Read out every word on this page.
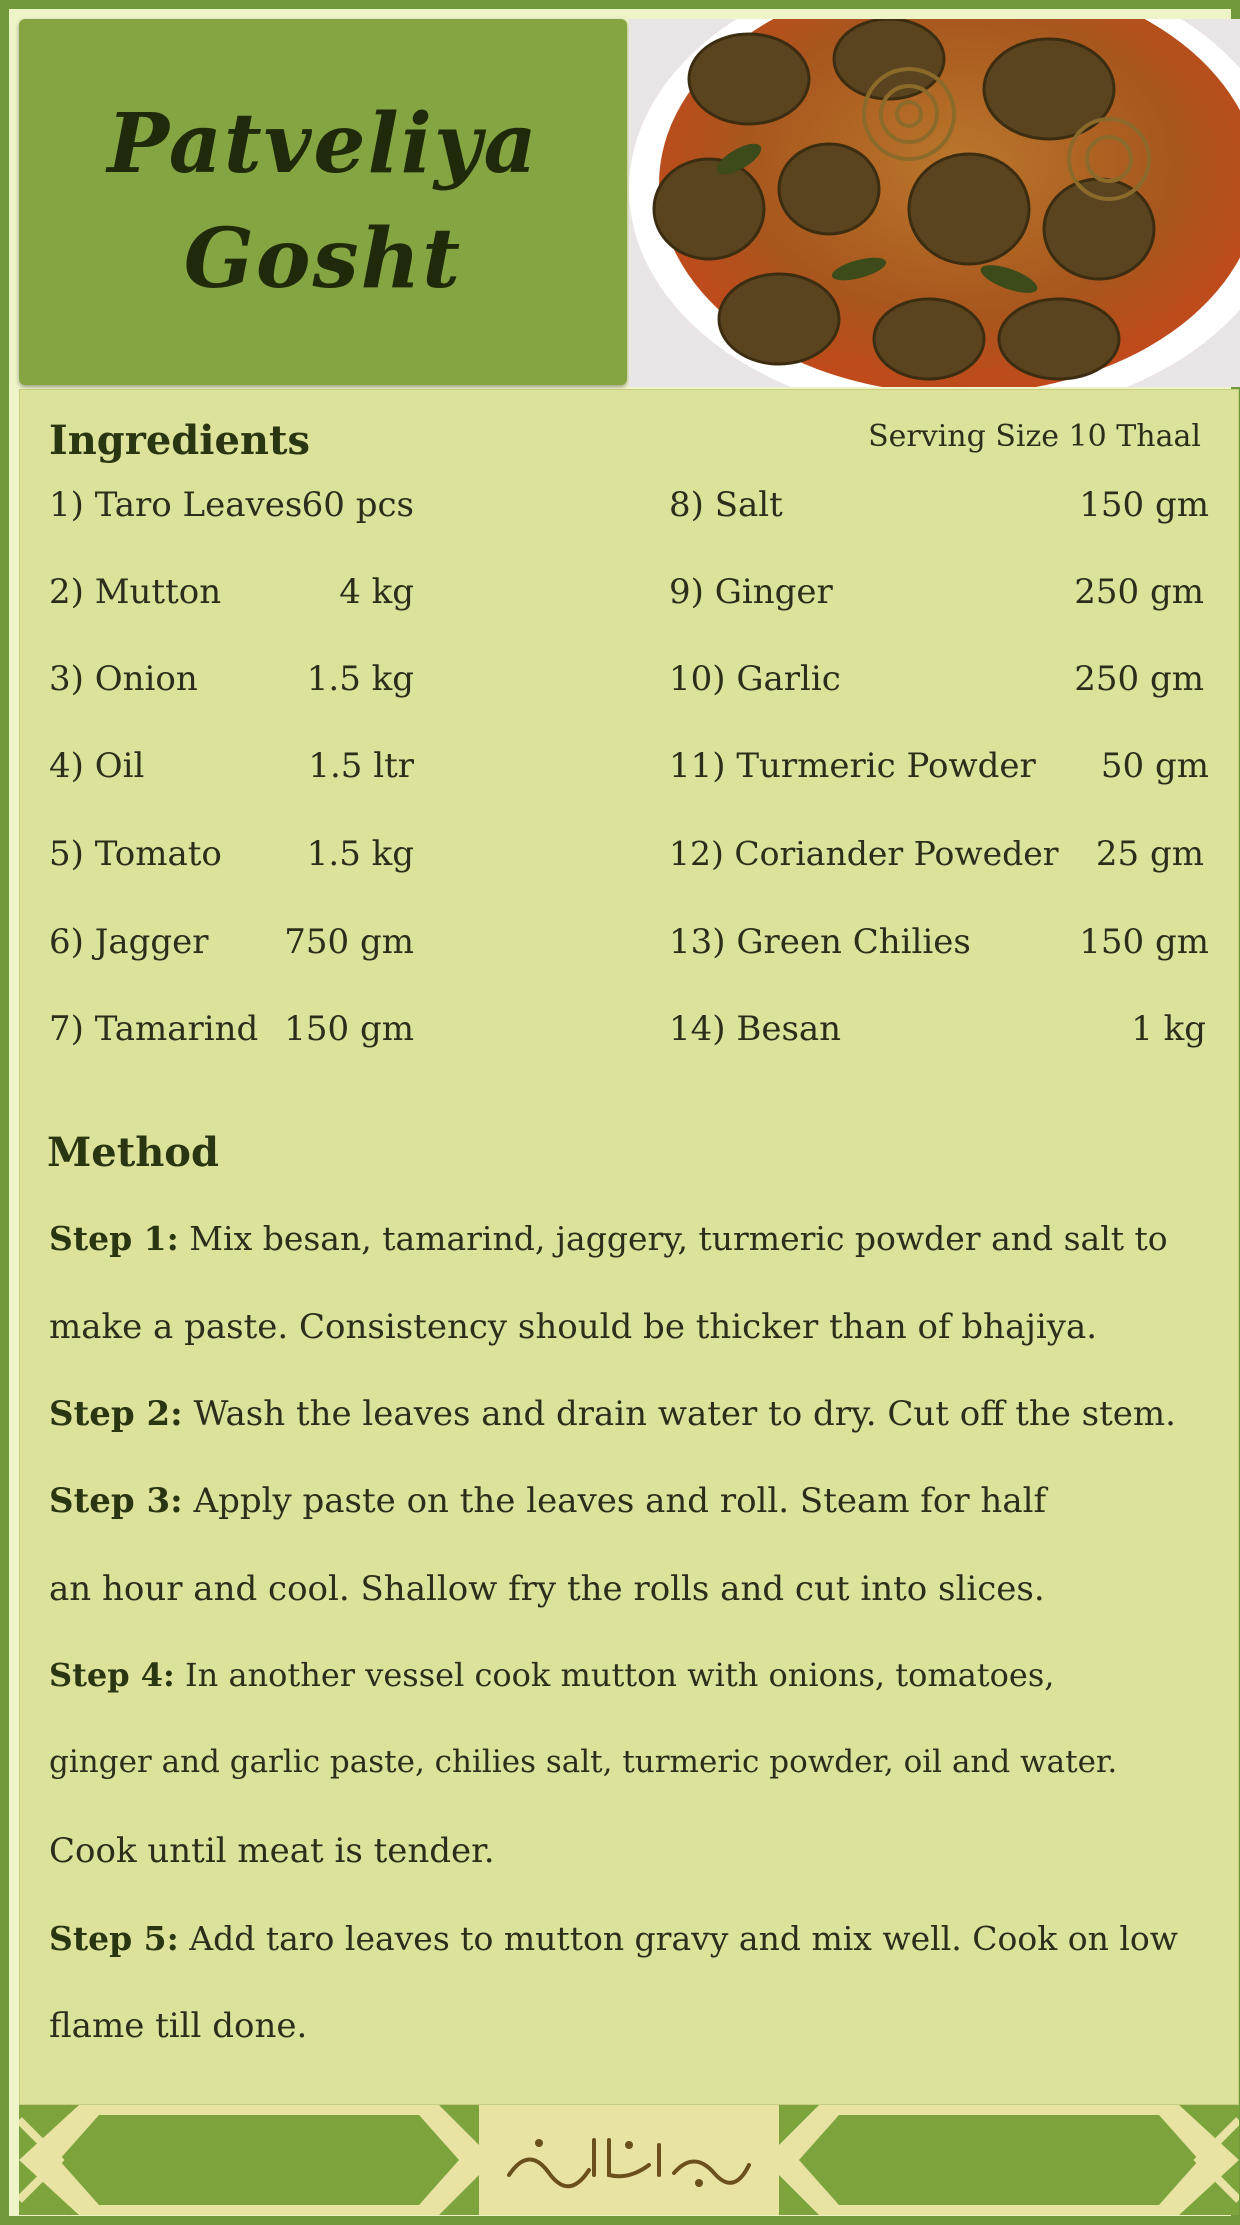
Patveliya
Gosht
Ingredients	Serving Size 10 Thaal
1) Taro Leaves 60 pcs
2) Mutton	4 kg
3) Onion	1.5 kg
4) Oil	1.5 ltr
5) Tomato 1.5 kg
6) Jagger 750 gm
7) Tamarind 150 gm
8) Salt	150 gm
9) Ginger	250 gm
10) Garlic	250 gm
11) Turmeric Powder 50 gm
12) Coriander Poweder 25 gm
13) Green Chilies	150 gm
14) Besan	1 kg
Method
Step 1: Mix besan, tamarind, jaggery, turmeric powder and salt to
make a paste. Consistency should be thicker than of bhajiya.
Step 2: Wash the leaves and drain water to dry. Cut off the stem.
Step 3: Apply paste on the leaves and roll. Steam for half
an hour and cool. Shallow fry the rolls and cut into slices.
Step 4: In another vessel cook mutton with onions, tomatoes,
ginger and garlic paste, chilies salt, turmeric powder, oil and water.
Cook until meat is tender.
Step 5: Add taro leaves to mutton gravy and mix well. Cook on low
flame till done.
